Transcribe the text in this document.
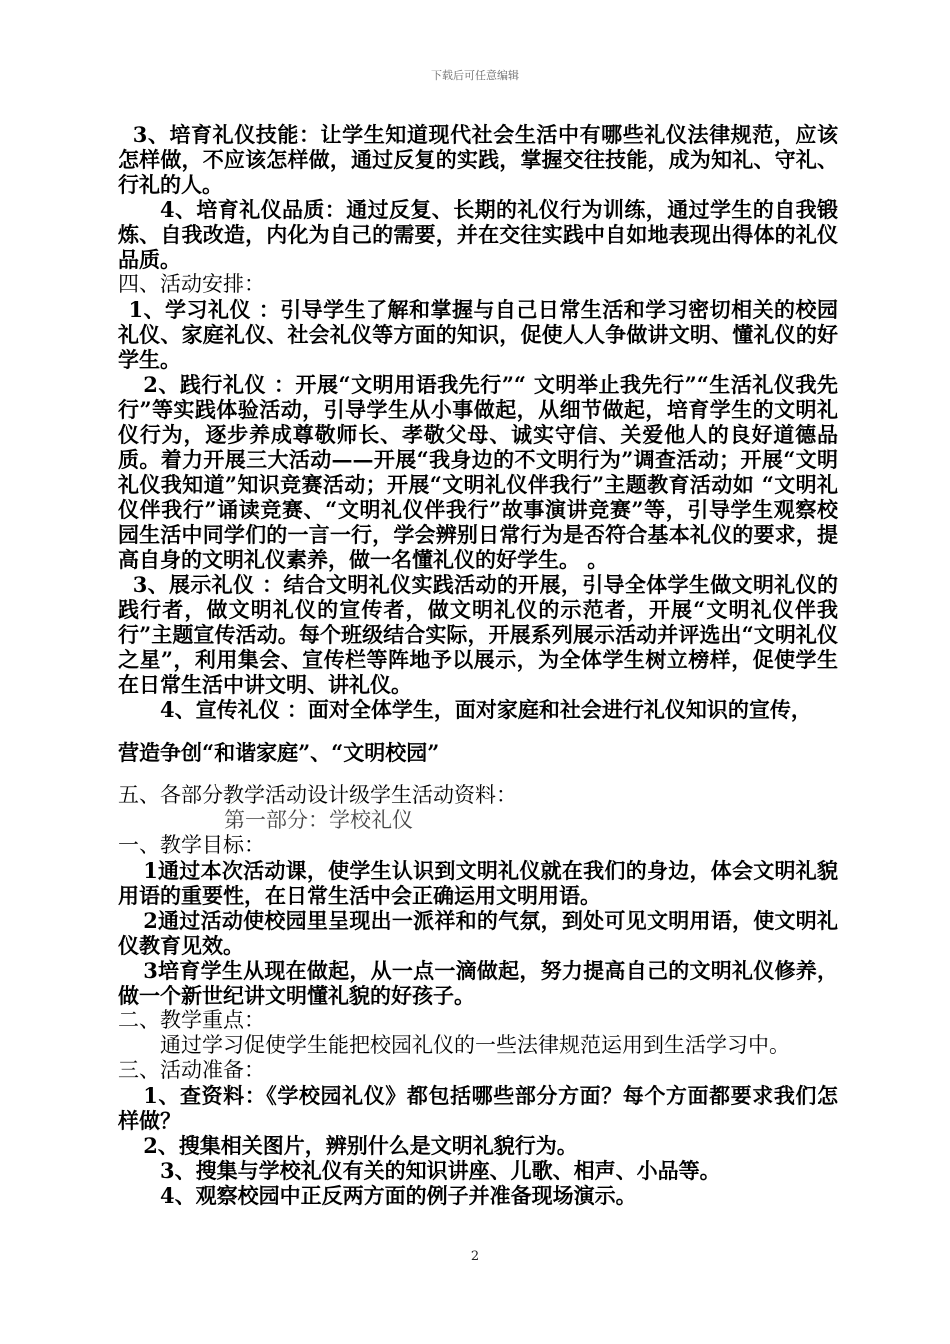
下载后可任意编辑

3、培育礼仪技能：让学生知道现代社会生活中有哪些礼仪法律规范，应该怎样做，不应该怎样做，通过反复的实践，掌握交往技能，成为知礼、守礼、行礼的人。

4、培育礼仪品质：通过反复、长期的礼仪行为训练，通过学生的自我锻炼、自我改造，内化为自己的需要，并在交往实践中自如地表现出得体的礼仪品质。

四、活动安排：

1、学习礼仪 ：引导学生了解和掌握与自己日常生活和学习密切相关的校园礼仪、家庭礼仪、社会礼仪等方面的知识，促使人人争做讲文明、懂礼仪的好学生。

2、践行礼仪 ：开展“文明用语我先行”“ 文明举止我先行”“生活礼仪我先行”等实践体验活动，引导学生从小事做起，从细节做起，培育学生的文明礼仪行为，逐步养成尊敬师长、孝敬父母、诚实守信、关爱他人的良好道德品质。着力开展三大活动——开展“我身边的不文明行为”调查活动；开展“文明礼仪我知道”知识竞赛活动；开展“文明礼仪伴我行”主题教育活动如 “文明礼仪伴我行”诵读竞赛、“文明礼仪伴我行”故事演讲竞赛”等，引导学生观察校园生活中同学们的一言一行，学会辨别日常行为是否符合基本礼仪的要求，提高自身的文明礼仪素养，做一名懂礼仪的好学生。 。

3、展示礼仪 ：结合文明礼仪实践活动的开展，引导全体学生做文明礼仪的践行者，做文明礼仪的宣传者，做文明礼仪的示范者，开展“文明礼仪伴我行”主题宣传活动。每个班级结合实际，开展系列展示活动并评选出“文明礼仪之星”，利用集会、宣传栏等阵地予以展示，为全体学生树立榜样，促使学生在日常生活中讲文明、讲礼仪。

4、宣传礼仪 ：面对全体学生，面对家庭和社会进行礼仪知识的宣传，

营造争创“和谐家庭”、“文明校园”

五、各部分教学活动设计级学生活动资料：

第一部分：学校礼仪

一、教学目标：

1通过本次活动课，使学生认识到文明礼仪就在我们的身边，体会文明礼貌用语的重要性，在日常生活中会正确运用文明用语。

2通过活动使校园里呈现出一派祥和的气氛，到处可见文明用语，使文明礼仪教育见效。

3培育学生从现在做起，从一点一滴做起，努力提高自己的文明礼仪修养，做一个新世纪讲文明懂礼貌的好孩子。

二、教学重点：

通过学习促使学生能把校园礼仪的一些法律规范运用到生活学习中。

三、活动准备：

1、查资料：《学校园礼仪》都包括哪些部分方面？每个方面都要求我们怎样做？

2、搜集相关图片，辨别什么是文明礼貌行为。

3、搜集与学校礼仪有关的知识讲座、儿歌、相声、小品等。

4、观察校园中正反两方面的例子并准备现场演示。

2
